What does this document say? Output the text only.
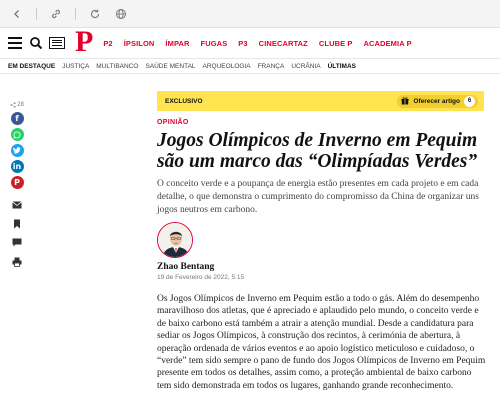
P P2 ÍPSILON ÍMPAR FUGAS P3 CINECARTAZ CLUBE P ACADEMIA P
EM DESTAQUE JUSTIÇA MULTIBANCO SAÚDE MENTAL ARQUEOLOGIA FRANÇA UCRÂNIA ÚLTIMAS
28
f
in
P
EXCLUSIVO	Oferecer artigo	6
OPINIÃO
Jogos Olímpicos de Inverno em Pequim são um marco das “Olimpíadas Verdes”

O conceito verde e a poupança de energia estão presentes em cada projeto e em cada detalhe, o que demonstra o cumprimento do compromisso da China de organizar uns jogos neutros em carbono.

Zhao Bentang
19 de Fevereiro de 2022, 5:15

Os Jogos Olímpicos de Inverno em Pequim estão a todo o gás. Além do desempenho maravilhoso dos atletas, que é apreciado e aplaudido pelo mundo, o conceito verde e de baixo carbono está também a atrair a atenção mundial. Desde a candidatura para sediar os Jogos Olímpicos, à construção dos recintos, à cerimónia de abertura, à operação ordenada de vários eventos e ao apoio logístico meticuloso e cuidadoso, o “verde” tem sido sempre o pano de fundo dos Jogos Olímpicos de Inverno em Pequim presente em todos os detalhes, assim como, a proteção ambiental de baixo carbono tem sido demonstrada em todos os lugares, ganhando grande reconhecimento.
